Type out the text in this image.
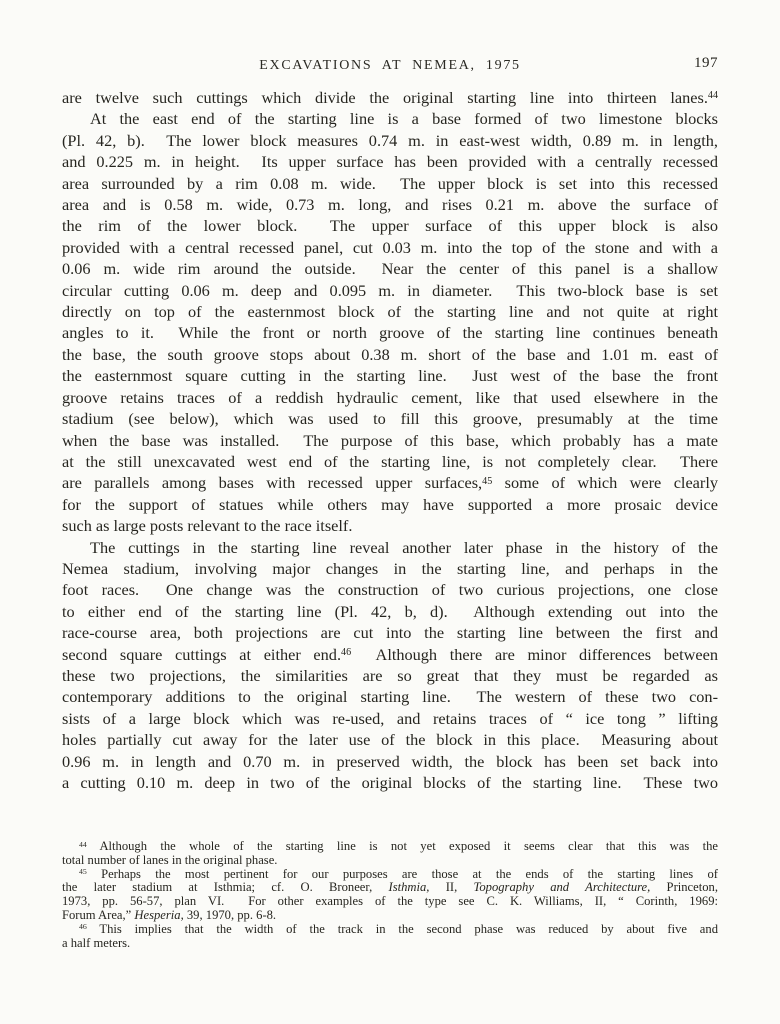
EXCAVATIONS AT NEMEA, 1975	197
are twelve such cuttings which divide the original starting line into thirteen lanes.$^{44}$
At the east end of the starting line is a base formed of two limestone blocks
(Pl. 42, b).  The lower block measures 0.74 m. in east-west width, 0.89 m. in length,
and 0.225 m. in height.  Its upper surface has been provided with a centrally recessed
area surrounded by a rim 0.08 m. wide.  The upper block is set into this recessed
area and is 0.58 m. wide, 0.73 m. long, and rises 0.21 m. above the surface of
the rim of the lower block.  The upper surface of this upper block is also
provided with a central recessed panel, cut 0.03 m. into the top of the stone and with a
0.06 m. wide rim around the outside.  Near the center of this panel is a shallow
circular cutting 0.06 m. deep and 0.095 m. in diameter.  This two-block base is set
directly on top of the easternmost block of the starting line and not quite at right
angles to it.  While the front or north groove of the starting line continues beneath
the base, the south groove stops about 0.38 m. short of the base and 1.01 m. east of
the easternmost square cutting in the starting line.  Just west of the base the front
groove retains traces of a reddish hydraulic cement, like that used elsewhere in the
stadium (see below), which was used to fill this groove, presumably at the time
when the base was installed.  The purpose of this base, which probably has a mate
at the still unexcavated west end of the starting line, is not completely clear.  There
are parallels among bases with recessed upper surfaces,$^{45}$ some of which were clearly
for the support of statues while others may have supported a more prosaic device
such as large posts relevant to the race itself.
The cuttings in the starting line reveal another later phase in the history of the
Nemea stadium, involving major changes in the starting line, and perhaps in the
foot races.  One change was the construction of two curious projections, one close
to either end of the starting line (Pl. 42, b, d).  Although extending out into the
race-course area, both projections are cut into the starting line between the first and
second square cuttings at either end.$^{46}$  Although there are minor differences between
these two projections, the similarities are so great that they must be regarded as
contemporary additions to the original starting line.  The western of these two con-
sists of a large block which was re-used, and retains traces of “ ice tong ” lifting
holes partially cut away for the later use of the block in this place.  Measuring about
0.96 m. in length and 0.70 m. in preserved width, the block has been set back into
a cutting 0.10 m. deep in two of the original blocks of the starting line.  These two
$^{44}$ Although the whole of the starting line is not yet exposed it seems clear that this was the
total number of lanes in the original phase.
$^{45}$ Perhaps the most pertinent for our purposes are those at the ends of the starting lines of
the later stadium at Isthmia; cf. O. Broneer, Isthmia, II, Topography and Architecture, Princeton,
1973, pp. 56-57, plan VI.  For other examples of the type see C. K. Williams, II, “ Corinth, 1969:
Forum Area,” Hesperia, 39, 1970, pp. 6-8.
$^{46}$ This implies that the width of the track in the second phase was reduced by about five and
a half meters.
